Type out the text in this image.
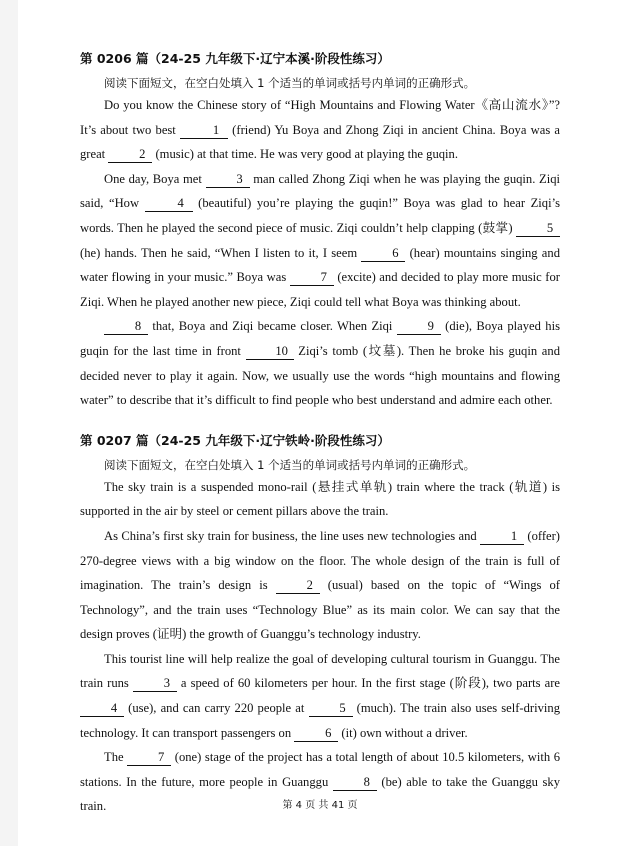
第 0206 篇（24-25 九年级下·辽宁本溪·阶段性练习）

阅读下面短文，在空白处填入 1 个适当的单词或括号内单词的正确形式。

Do you know the Chinese story of “High Mountains and Flowing Water《高山流水》”? It’s about two best	1 (friend) Yu Boya and Zhong Ziqi in ancient China. Boya was a great 2 (music) at that time. He was very good at playing the guqin.

One day, Boya met 3 man called Zhong Ziqi when he was playing the guqin. Ziqi said, “How	4 (beautiful) you’re playing the guqin!” Boya was glad to hear Ziqi’s words. Then he played the second piece of music. Ziqi couldn’t help clapping (鼓掌) 5 (he) hands. Then he said, “When I listen to it, I seem 6 (hear) mountains singing and water flowing in your music.” Boya was 7 (excite) and decided to play more music for Ziqi. When he played another new piece, Ziqi could tell what Boya was thinking about.

8 that, Boya and Ziqi became closer. When Ziqi 9 (die), Boya played his guqin for the last time in front 10 Ziqi’s tomb (坟墓). Then he broke his guqin and decided never to play it again. Now, we usually use the words “high mountains and flowing water” to describe that it’s difficult to find people who best understand and admire each other.

第 0207 篇（24-25 九年级下·辽宁铁岭·阶段性练习）

阅读下面短文，在空白处填入 1 个适当的单词或括号内单词的正确形式。

The sky train is a suspended mono-rail (悬挂式单轨) train where the track (轨道) is supported in the air by steel or cement pillars above the train.

As China’s first sky train for business, the line uses new technologies and 1 (offer) 270-degree views with a big window on the floor. The whole design of the train is full of imagination. The train’s design is 2 (usual) based on the topic of “Wings of Technology”, and the train uses “Technology Blue” as its main color. We can say that the design proves (证明) the growth of Guanggu’s technology industry.

This tourist line will help realize the goal of developing cultural tourism in Guanggu. The train runs 3 a speed of 60 kilometers per hour. In the first stage (阶段), two parts are 4 (use), and can carry 220 people at 5 (much). The train also uses self-driving technology. It can transport passengers on 6 (it) own without a driver.

The 7 (one) stage of the project has a total length of about 10.5 kilometers, with 6 stations. In the future, more people in Guanggu 8 (be) able to take the Guanggu sky train.	第 4 页 共 41 页
